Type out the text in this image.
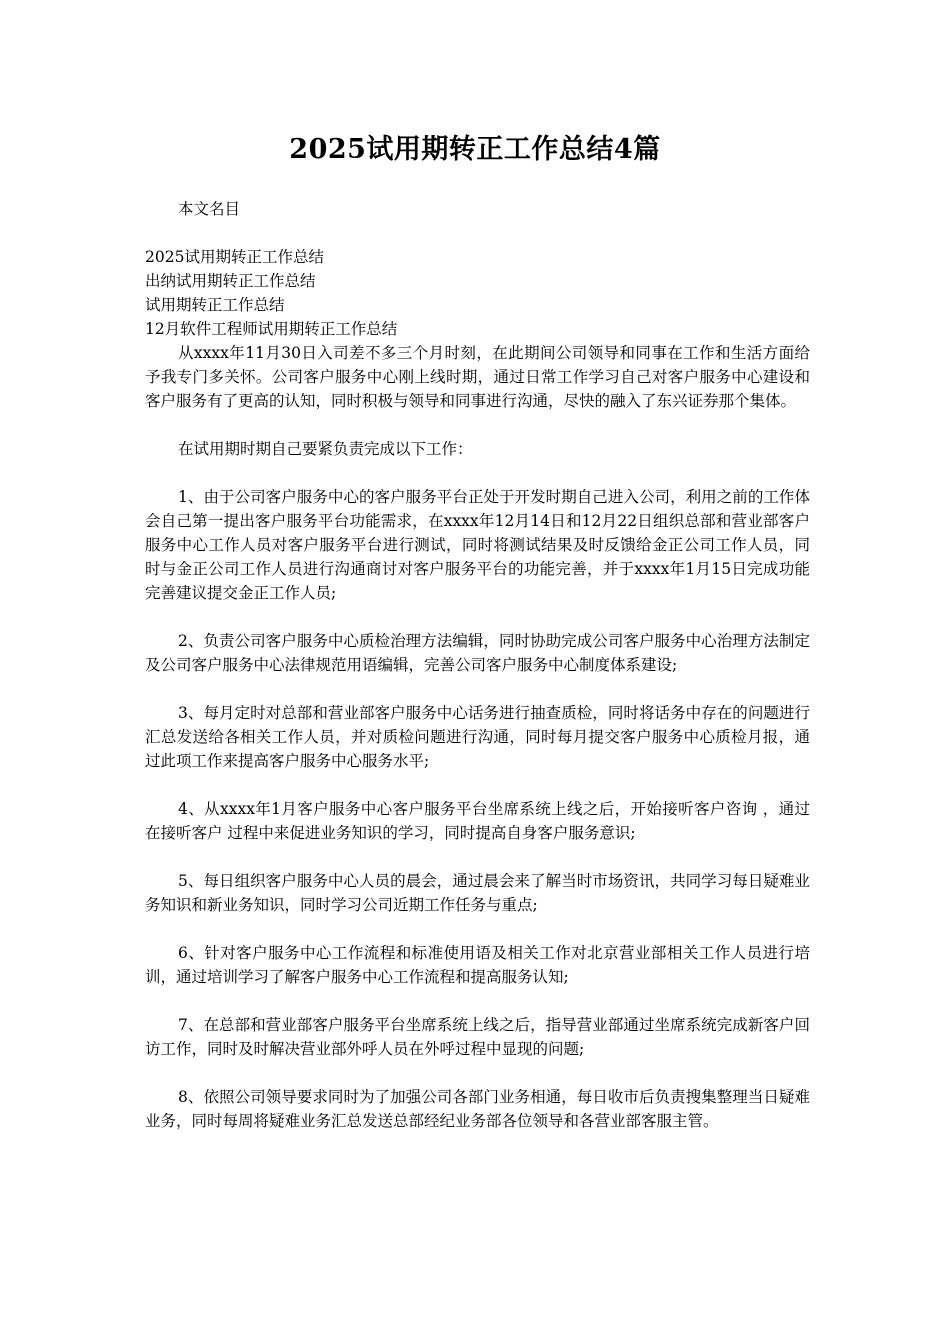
2025试用期转正工作总结4篇

本文名目

2025试用期转正工作总结

出纳试用期转正工作总结

试用期转正工作总结

12月软件工程师试用期转正工作总结

从xxxx年11月30日入司差不多三个月时刻，在此期间公司领导和同事在工作和生活方面给予我专门多关怀。公司客户服务中心刚上线时期，通过日常工作学习自己对客户服务中心建设和客户服务有了更高的认知，同时积极与领导和同事进行沟通，尽快的融入了东兴证券那个集体。

在试用期时期自己要紧负责完成以下工作：

1、由于公司客户服务中心的客户服务平台正处于开发时期自己进入公司，利用之前的工作体会自己第一提出客户服务平台功能需求，在xxxx年12月14日和12月22日组织总部和营业部客户服务中心工作人员对客户服务平台进行测试，同时将测试结果及时反馈给金正公司工作人员，同时与金正公司工作人员进行沟通商讨对客户服务平台的功能完善，并于xxxx年1月15日完成功能完善建议提交金正工作人员;

2、负责公司客户服务中心质检治理方法编辑，同时协助完成公司客户服务中心治理方法制定及公司客户服务中心法律规范用语编辑，完善公司客户服务中心制度体系建设;

3、每月定时对总部和营业部客户服务中心话务进行抽查质检，同时将话务中存在的问题进行汇总发送给各相关工作人员，并对质检问题进行沟通，同时每月提交客户服务中心质检月报，通过此项工作来提高客户服务中心服务水平;

4、从xxxx年1月客户服务中心客户服务平台坐席系统上线之后，开始接听客户咨询 ，通过在接听客户 过程中来促进业务知识的学习，同时提高自身客户服务意识;

5、每日组织客户服务中心人员的晨会，通过晨会来了解当时市场资讯，共同学习每日疑难业务知识和新业务知识，同时学习公司近期工作任务与重点;

6、针对客户服务中心工作流程和标准使用语及相关工作对北京营业部相关工作人员进行培训，通过培训学习了解客户服务中心工作流程和提高服务认知;

7、在总部和营业部客户服务平台坐席系统上线之后，指导营业部通过坐席系统完成新客户回访工作，同时及时解决营业部外呼人员在外呼过程中显现的问题;

8、依照公司领导要求同时为了加强公司各部门业务相通，每日收市后负责搜集整理当日疑难业务，同时每周将疑难业务汇总发送总部经纪业务部各位领导和各营业部客服主管。
